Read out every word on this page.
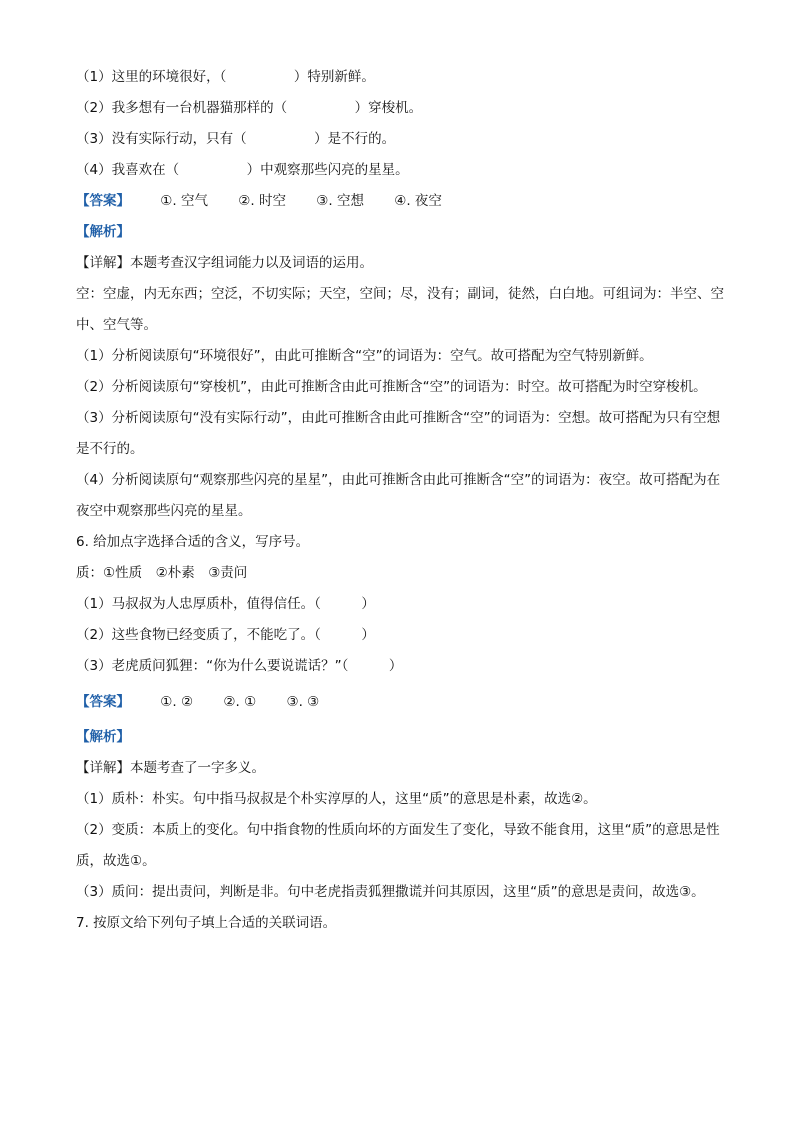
（1）这里的环境很好，（　　　　　）特别新鲜。
（2）我多想有一台机器猫那样的（　　　　　）穿梭机。
（3）没有实际行动，只有（　　　　　）是不行的。
（4）我喜欢在（　　　　　）中观察那些闪亮的星星。
【答案】 ①. 空气 ②. 时空 ③. 空想 ④. 夜空
【解析】
【详解】本题考查汉字组词能力以及词语的运用。
空：空虚，内无东西；空泛，不切实际；天空，空间；尽，没有；副词，徒然，白白地。可组词为：半空、空中、空气等。
（1）分析阅读原句“环境很好”，由此可推断含“空”的词语为：空气。故可搭配为空气特别新鲜。
（2）分析阅读原句“穿梭机”，由此可推断含由此可推断含“空”的词语为：时空。故可搭配为时空穿梭机。
（3）分析阅读原句“没有实际行动”，由此可推断含由此可推断含“空”的词语为：空想。故可搭配为只有空想是不行的。
（4）分析阅读原句“观察那些闪亮的星星”，由此可推断含由此可推断含“空”的词语为：夜空。故可搭配为在夜空中观察那些闪亮的星星。
6. 给加点字选择合适的含义，写序号。
质：①性质　②朴素　③责问
（1）马叔叔为人忠厚质朴，值得信任。（　　　）
（2）这些食物已经变质了，不能吃了。（　　　）
（3）老虎质问狐狸：“你为什么要说谎话？”（　　　）
【答案】 ①. ② ②. ① ③. ③
【解析】
【详解】本题考查了一字多义。
（1）质朴：朴实。句中指马叔叔是个朴实淳厚的人，这里“质”的意思是朴素，故选②。
（2）变质：本质上的变化。句中指食物的性质向坏的方面发生了变化，导致不能食用，这里“质”的意思是性质，故选①。
（3）质问：提出责问，判断是非。句中老虎指责狐狸撒谎并问其原因，这里“质”的意思是责问，故选③。
7. 按原文给下列句子填上合适的关联词语。
